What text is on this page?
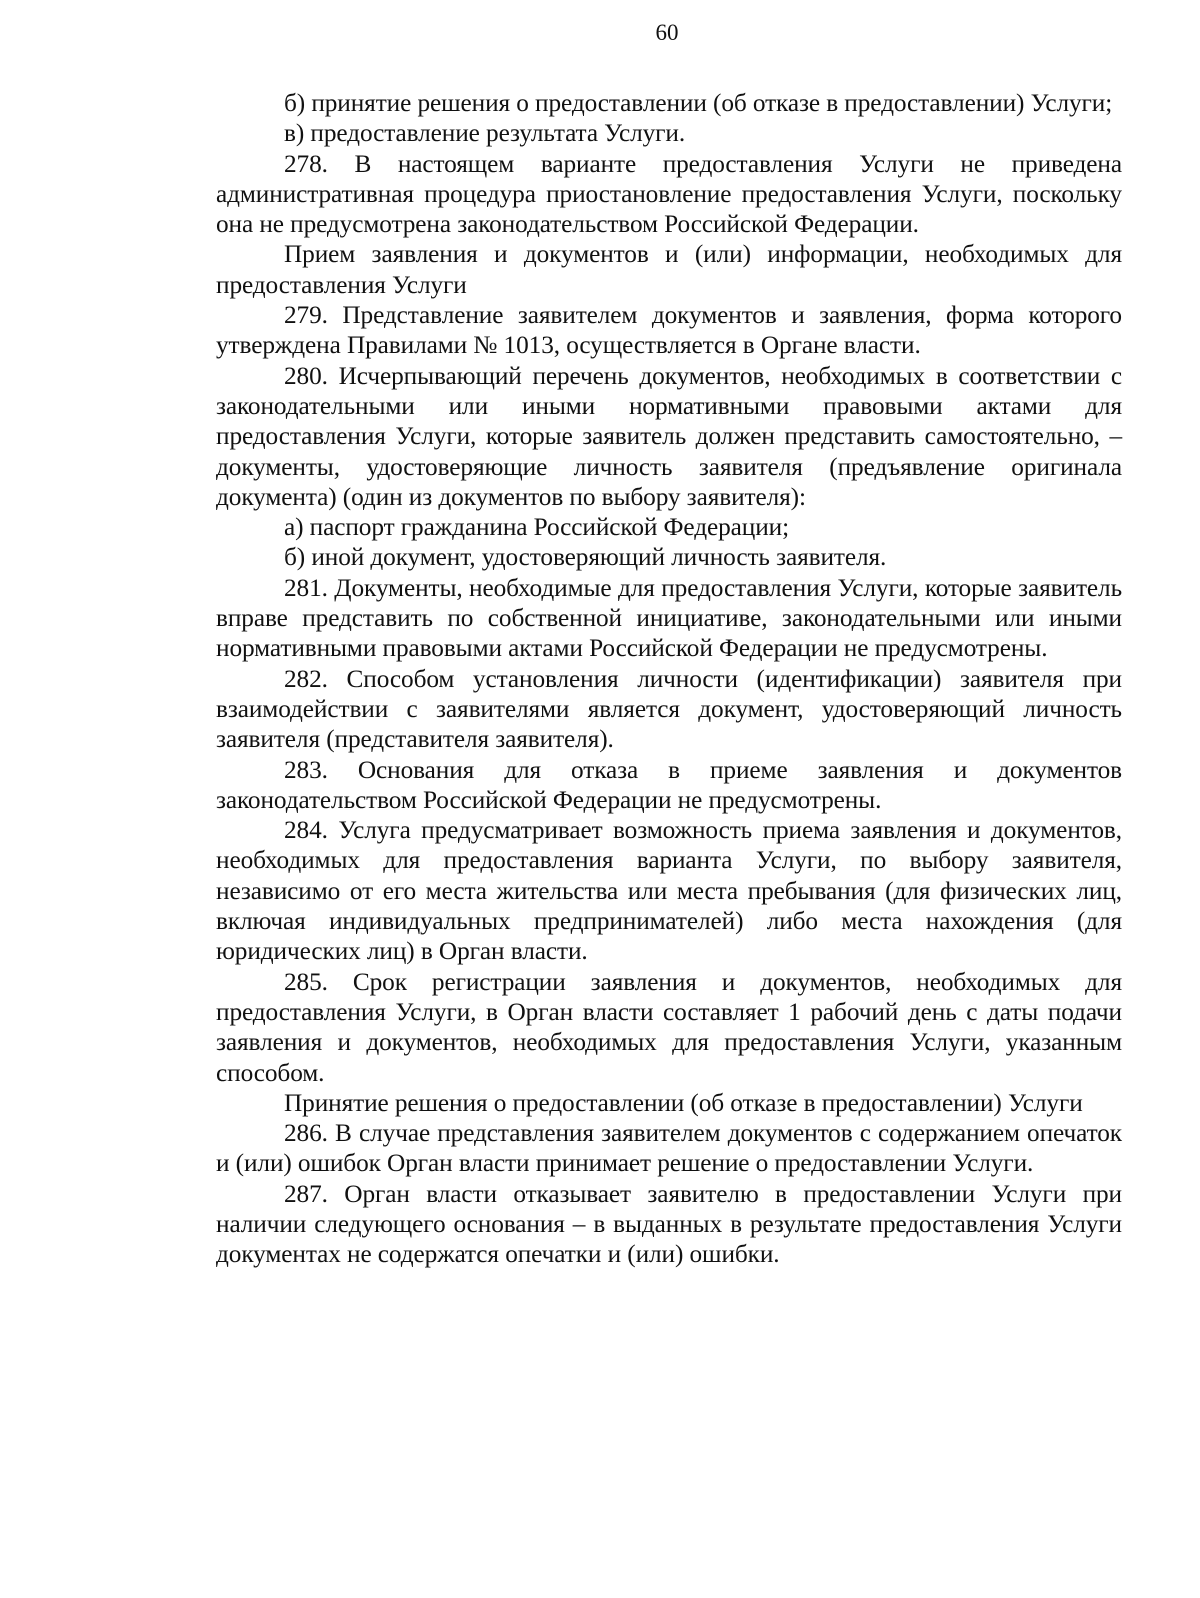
60

б) принятие решения о предоставлении (об отказе в предоставлении) Услуги;

в) предоставление результата Услуги.

278. В настоящем варианте предоставления Услуги не приведена административная процедура приостановление предоставления Услуги, поскольку она не предусмотрена законодательством Российской Федерации.

Прием заявления и документов и (или) информации, необходимых для предоставления Услуги

279. Представление заявителем документов и заявления, форма которого утверждена Правилами № 1013, осуществляется в Органе власти.

280. Исчерпывающий перечень документов, необходимых в соответствии с законодательными или иными нормативными правовыми актами для предоставления Услуги, которые заявитель должен представить самостоятельно, – документы, удостоверяющие личность заявителя (предъявление оригинала документа) (один из документов по выбору заявителя):

а) паспорт гражданина Российской Федерации;

б) иной документ, удостоверяющий личность заявителя.

281. Документы, необходимые для предоставления Услуги, которые заявитель вправе представить по собственной инициативе, законодательными или иными нормативными правовыми актами Российской Федерации не предусмотрены.

282. Способом установления личности (идентификации) заявителя при взаимодействии с заявителями является документ, удостоверяющий личность заявителя (представителя заявителя).

283. Основания для отказа в приеме заявления и документов законодательством Российской Федерации не предусмотрены.

284. Услуга предусматривает возможность приема заявления и документов, необходимых для предоставления варианта Услуги, по выбору заявителя, независимо от его места жительства или места пребывания (для физических лиц, включая индивидуальных предпринимателей) либо места нахождения (для юридических лиц) в Орган власти.

285. Срок регистрации заявления и документов, необходимых для предоставления Услуги, в Орган власти составляет 1 рабочий день с даты подачи заявления и документов, необходимых для предоставления Услуги, указанным способом.

Принятие решения о предоставлении (об отказе в предоставлении) Услуги

286. В случае представления заявителем документов с содержанием опечаток и (или) ошибок Орган власти принимает решение о предоставлении Услуги.

287. Орган власти отказывает заявителю в предоставлении Услуги при наличии следующего основания – в выданных в результате предоставления Услуги документах не содержатся опечатки и (или) ошибки.
